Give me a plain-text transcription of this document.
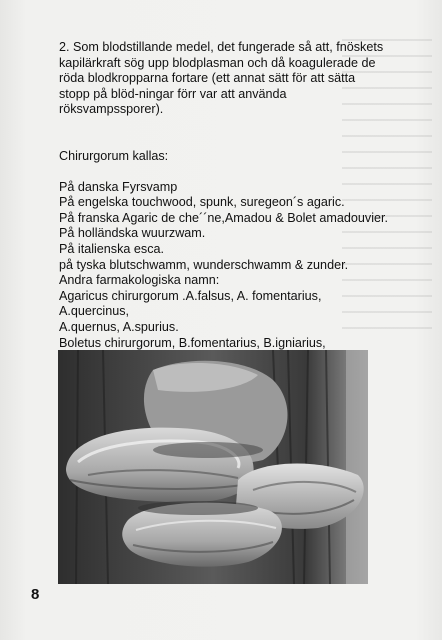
2. Som blodstillande medel, det fungerade så att, fnöskets kapilärkraft sög upp blodplasman och då koagulerade de röda blodkropparna fortare (ett annat sätt för att sätta stopp på blöd-ningar förr var att använda röksvampssporer).

Chirurgorum kallas:

På danska Fyrsvamp

På engelska touchwood, spunk, suregeon´s agaric.

På franska Agaric de che´´ne,Amadou & Bolet amadouvier.

På holländska wuurzwam.

På italienska esca.

på tyska blutschwamm, wunderschwamm & zunder.

Andra farmakologiska namn:

Agaricus chirurgorum .A.falsus, A. fomentarius, A.quercinus,

A.quernus, A.spurius.

Boletus chirurgorum, B.fomentarius, B.igniarius,

8
